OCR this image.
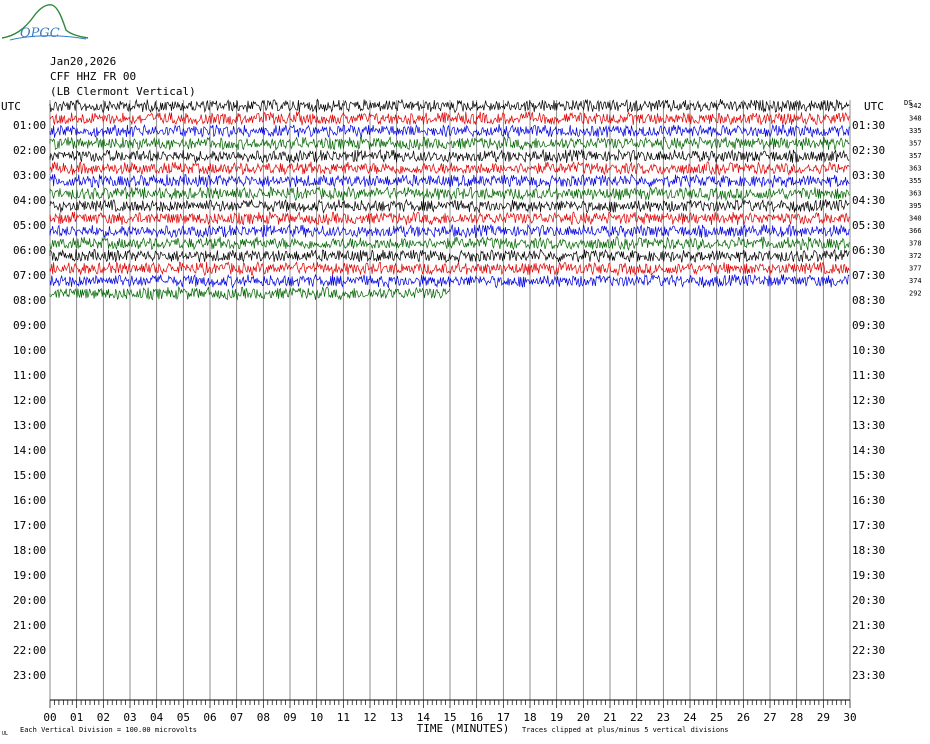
OPGC
Jan20,2026
CFF HHZ FR 00
(LB Clermont Vertical)
00 01 02 03 04 05 06 07 08 09 10 11 12 13 14 15 16 17 18 19 20 21 22 23 24 25 26 27 28 29 30
TIME (MINUTES)
Each Vertical Division = 100.00 microvolts	Traces clipped at plus/minus 5 vertical divisions
UL
UTC	UTC	DS
01:00
02:00
03:00
04:00
05:00
06:00
07:00
08:00
09:00
10:00
11:00
12:00
13:00
14:00
15:00
16:00
17:00
18:00
19:00
20:00
21:00
22:00
23:00
01:30
02:30
03:30
04:30
05:30
06:30
07:30
08:30
09:30
10:30
11:30
12:30
13:30
14:30
15:30
16:30
17:30
18:30
19:30
20:30
21:30
22:30
23:30
342
348
335
357
357
363
355
363
395
340
366
378
372
377
374
292
